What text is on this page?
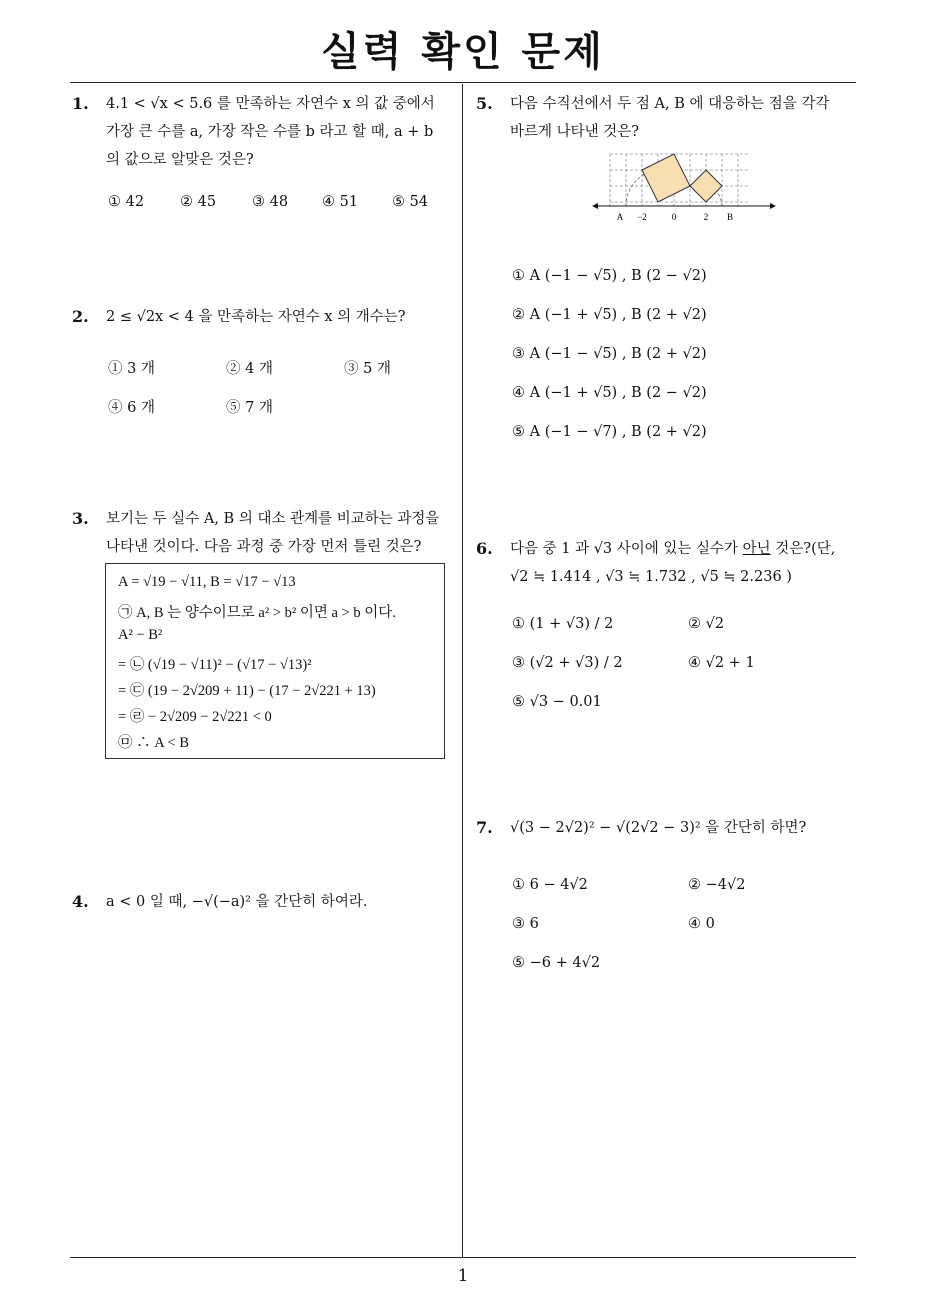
실력 확인 문제
1
1. 4.1 < √x < 5.6 를 만족하는 자연수 x 의 값 중에서
가장 큰 수를 a, 가장 작은 수를 b 라고 할 때, a + b
의 값으로 알맞은 것은?
① 42 ② 45 ③ 48 ④ 51 ⑤ 54
2. 2 ≤ √2x < 4 을 만족하는 자연수 x 의 개수는?
① 3 개	② 4 개	③ 5 개
④ 6 개	⑤ 7 개
3. 보기는 두 실수 A, B 의 대소 관계를 비교하는 과정을
나타낸 것이다. 다음 과정 중 가장 먼저 틀린 것은?
A = √19 − √11, B = √17 − √13
㉠ A, B 는 양수이므로 a² > b² 이면 a > b 이다.
A² − B²
= ㉡ (√19 − √11)² − (√17 − √13)²
= ㉢ (19 − 2√209 + 11) − (17 − 2√221 + 13)
= ㉣ − 2√209 − 2√221 < 0
㉤ ∴ A < B
4. a < 0 일 때, −√(−a)² 을 간단히 하여라.
5. 다음 수직선에서 두 점 A, B 에 대응하는 점을 각각
바르게 나타낸 것은?
A −2	0	2 B
① A (−1 − √5) , B (2 − √2)
② A (−1 + √5) , B (2 + √2)
③ A (−1 − √5) , B (2 + √2)
④ A (−1 + √5) , B (2 − √2)
⑤ A (−1 − √7) , B (2 + √2)
6. 다음 중 1 과 √3 사이에 있는 실수가 아닌 것은?(단,
√2 ≒ 1.414 , √3 ≒ 1.732 , √5 ≒ 2.236 )
① (1 + √3) / 2	② √2
③ (√2 + √3) / 2	④ √2 + 1
⑤ √3 − 0.01
7. √(3 − 2√2)² − √(2√2 − 3)² 을 간단히 하면?
① 6 − 4√2	② −4√2
③ 6	④ 0
⑤ −6 + 4√2
